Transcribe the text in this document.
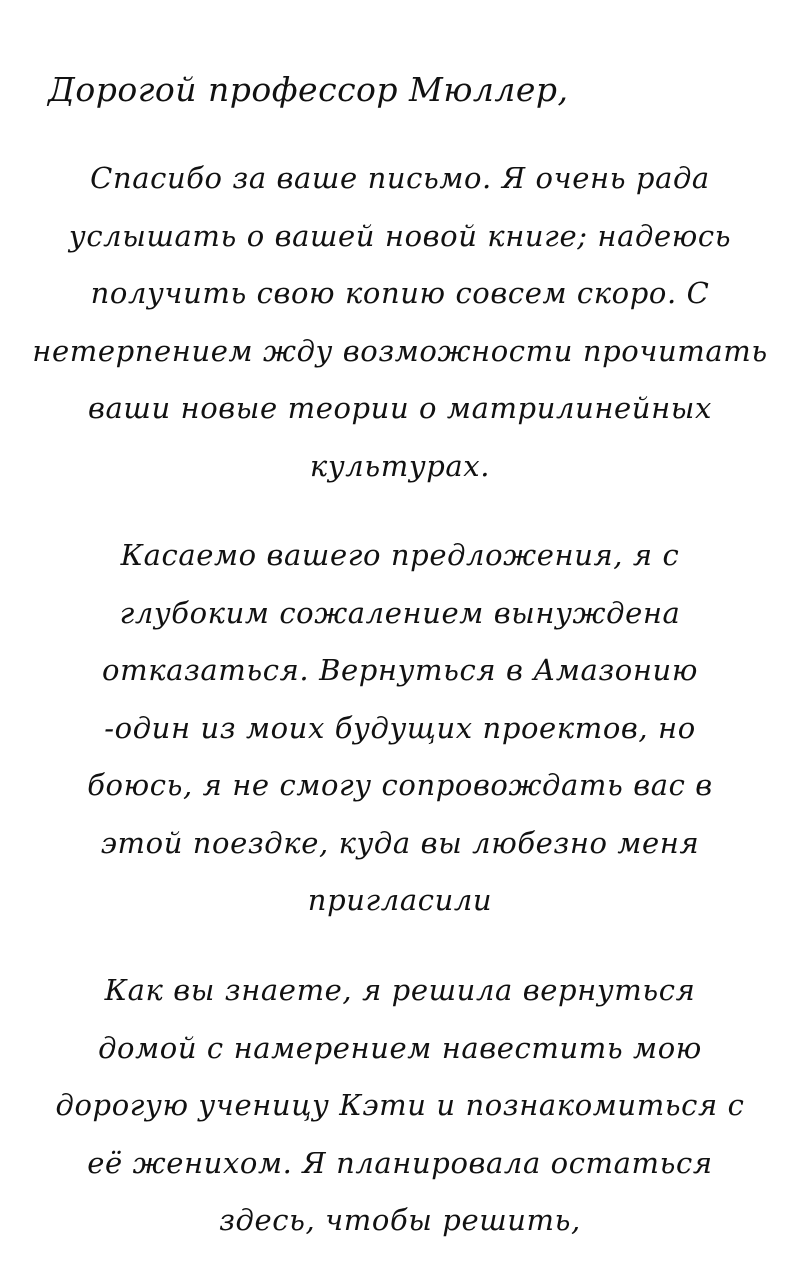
Дорогой профессор Мюллер,
Спасибо за ваше письмо. Я очень рада
услышать о вашей новой книге; надеюсь
получить свою копию совсем скоро. С
нетерпением жду возможности прочитать
ваши новые теории о матрилинейных
культурах.
Касаемо вашего предложения, я с
глубоким сожалением вынуждена
отказаться. Вернуться в Амазонию
-один из моих будущих проектов, но
боюсь, я не смогу сопровождать вас в
этой поездке, куда вы любезно меня
пригласили
Как вы знаете, я решила вернуться
домой с намерением навестить мою
дорогую ученицу Кэти и познакомиться с
её женихом. Я планировала остаться
здесь, чтобы решить,
